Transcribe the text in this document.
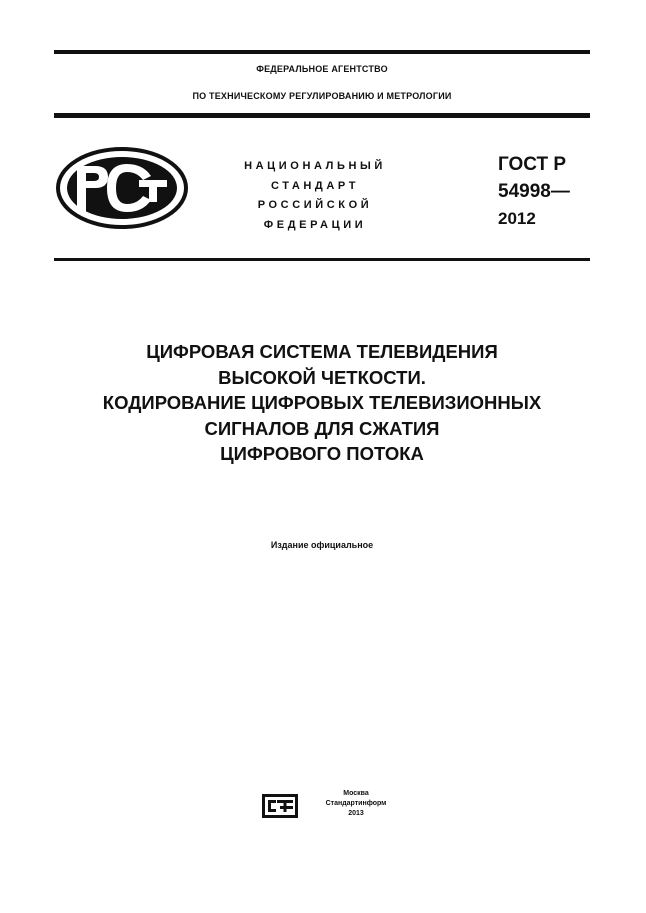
ФЕДЕРАЛЬНОЕ АГЕНТСТВО
ПО ТЕХНИЧЕСКОМУ РЕГУЛИРОВАНИЮ И МЕТРОЛОГИИ
НАЦИОНАЛЬНЫЙ
СТАНДАРТ
РОССИЙСКОЙ
ФЕДЕРАЦИИ
ГОСТ Р
54998—
2012
ЦИФРОВАЯ СИСТЕМА ТЕЛЕВИДЕНИЯ
ВЫСОКОЙ ЧЕТКОСТИ.
КОДИРОВАНИЕ ЦИФРОВЫХ ТЕЛЕВИЗИОННЫХ
СИГНАЛОВ ДЛЯ СЖАТИЯ
ЦИФРОВОГО ПОТОКА
Издание официальное
Москва
Стандартинформ
2013
